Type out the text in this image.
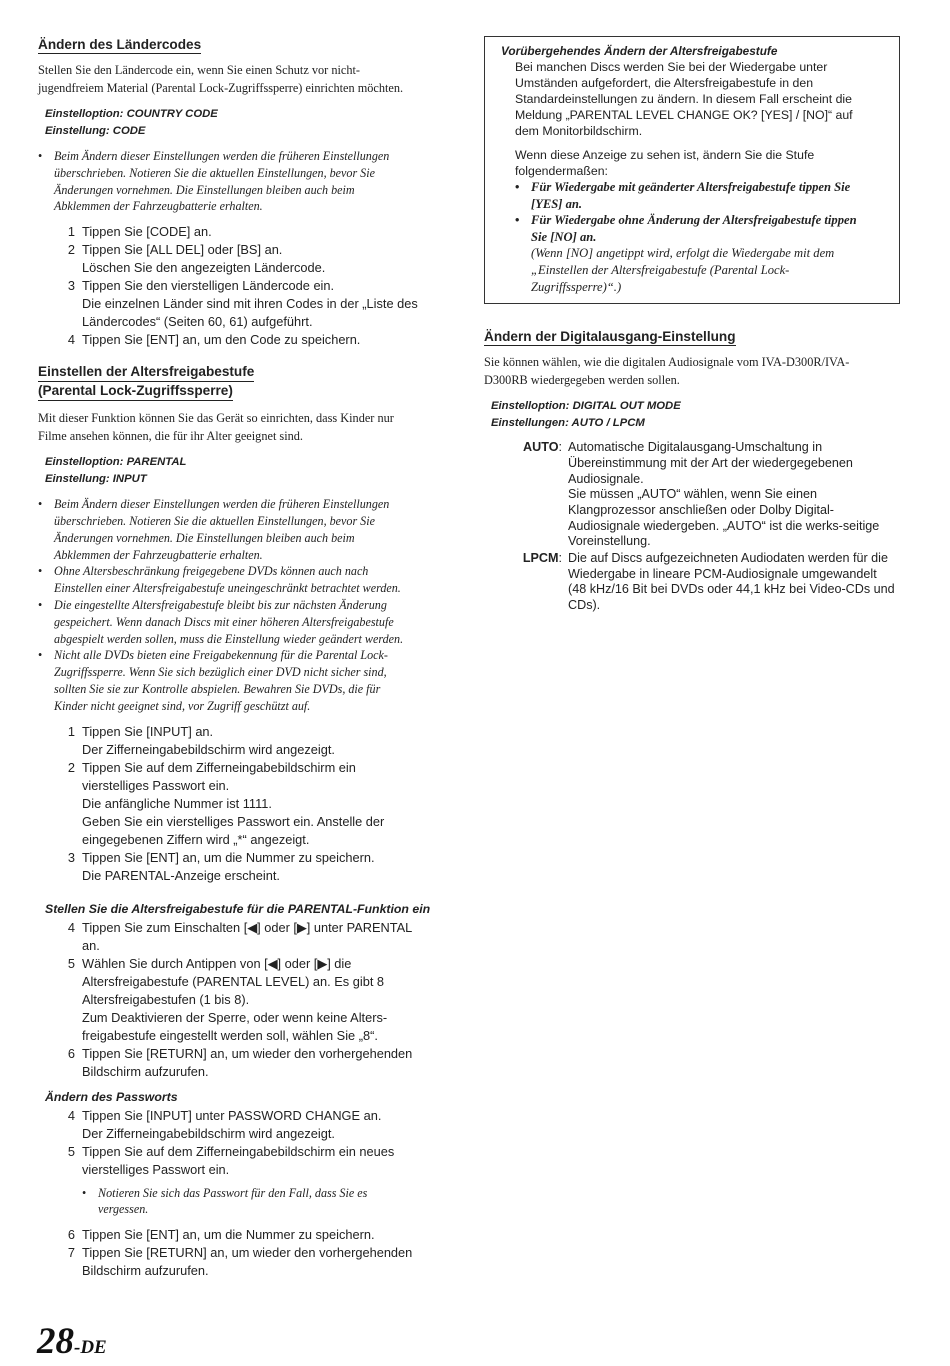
Ändern des Ländercodes
Stellen Sie den Ländercode ein, wenn Sie einen Schutz vor nicht-
jugendfreiem Material (Parental Lock-Zugriffssperre) einrichten möchten.
Einstelloption: COUNTRY CODE
Einstellung: CODE
• Beim Ändern dieser Einstellungen werden die früheren Einstellungen
überschrieben. Notieren Sie die aktuellen Einstellungen, bevor Sie
Änderungen vornehmen. Die Einstellungen bleiben auch beim
Abklemmen der Fahrzeugbatterie erhalten.
1 Tippen Sie [CODE] an.
2 Tippen Sie [ALL DEL] oder [BS] an.
Löschen Sie den angezeigten Ländercode.
3 Tippen Sie den vierstelligen Ländercode ein.
Die einzelnen Länder sind mit ihren Codes in der „Liste des
Ländercodes“ (Seiten 60, 61) aufgeführt.
4 Tippen Sie [ENT] an, um den Code zu speichern.
Einstellen der Altersfreigabestufe
(Parental Lock-Zugriffssperre)
Mit dieser Funktion können Sie das Gerät so einrichten, dass Kinder nur
Filme ansehen können, die für ihr Alter geeignet sind.
Einstelloption: PARENTAL
Einstellung: INPUT
• Beim Ändern dieser Einstellungen werden die früheren Einstellungen
überschrieben. Notieren Sie die aktuellen Einstellungen, bevor Sie
Änderungen vornehmen. Die Einstellungen bleiben auch beim
Abklemmen der Fahrzeugbatterie erhalten.
• Ohne Altersbeschränkung freigegebene DVDs können auch nach
Einstellen einer Altersfreigabestufe uneingeschränkt betrachtet werden.
• Die eingestellte Altersfreigabestufe bleibt bis zur nächsten Änderung
gespeichert. Wenn danach Discs mit einer höheren Altersfreigabestufe
abgespielt werden sollen, muss die Einstellung wieder geändert werden.
• Nicht alle DVDs bieten eine Freigabekennung für die Parental Lock-
Zugriffssperre. Wenn Sie sich bezüglich einer DVD nicht sicher sind,
sollten Sie sie zur Kontrolle abspielen. Bewahren Sie DVDs, die für
Kinder nicht geeignet sind, vor Zugriff geschützt auf.
1 Tippen Sie [INPUT] an.
Der Zifferneingabebildschirm wird angezeigt.
2 Tippen Sie auf dem Zifferneingabebildschirm ein
vierstelliges Passwort ein.
Die anfängliche Nummer ist 1111.
Geben Sie ein vierstelliges Passwort ein. Anstelle der
eingegebenen Ziffern wird „*“ angezeigt.
3 Tippen Sie [ENT] an, um die Nummer zu speichern.
Die PARENTAL-Anzeige erscheint.
Stellen Sie die Altersfreigabestufe für die PARENTAL-Funktion ein
4 Tippen Sie zum Einschalten [◀] oder [▶] unter PARENTAL
an.
5 Wählen Sie durch Antippen von [◀] oder [▶] die
Altersfreigabestufe (PARENTAL LEVEL) an. Es gibt 8
Altersfreigabestufen (1 bis 8).
Zum Deaktivieren der Sperre, oder wenn keine Alters-
freigabestufe eingestellt werden soll, wählen Sie „8“.
6 Tippen Sie [RETURN] an, um wieder den vorhergehenden
Bildschirm aufzurufen.
Ändern des Passworts
4 Tippen Sie [INPUT] unter PASSWORD CHANGE an.
Der Zifferneingabebildschirm wird angezeigt.
5 Tippen Sie auf dem Zifferneingabebildschirm ein neues
vierstelliges Passwort ein.
• Notieren Sie sich das Passwort für den Fall, dass Sie es
vergessen.
6 Tippen Sie [ENT] an, um die Nummer zu speichern.
7 Tippen Sie [RETURN] an, um wieder den vorhergehenden
Bildschirm aufzurufen.
Vorübergehendes Ändern der Altersfreigabestufe
Bei manchen Discs werden Sie bei der Wiedergabe unter
Umständen aufgefordert, die Altersfreigabestufe in den
Standardeinstellungen zu ändern. In diesem Fall erscheint die
Meldung „PARENTAL LEVEL CHANGE OK? [YES] / [NO]“ auf
dem Monitorbildschirm.
Wenn diese Anzeige zu sehen ist, ändern Sie die Stufe
folgendermaßen:
• Für Wiedergabe mit geänderter Altersfreigabestufe tippen Sie
[YES] an.
• Für Wiedergabe ohne Änderung der Altersfreigabestufe tippen
Sie [NO] an.
(Wenn [NO] angetippt wird, erfolgt die Wiedergabe mit dem
„Einstellen der Altersfreigabestufe (Parental Lock-
Zugriffssperre)“.)
Ändern der Digitalausgang-Einstellung
Sie können wählen, wie die digitalen Audiosignale vom IVA-D300R/IVA-
D300RB wiedergegeben werden sollen.
Einstelloption: DIGITAL OUT MODE
Einstellungen: AUTO / LPCM
AUTO: Automatische Digitalausgang-Umschaltung in
Übereinstimmung mit der Art der wiedergegebenen
Audiosignale.
Sie müssen „AUTO“ wählen, wenn Sie einen
Klangprozessor anschließen oder Dolby Digital-
Audiosignale wiedergeben. „AUTO“ ist die werks-seitige
Voreinstellung.
LPCM: Die auf Discs aufgezeichneten Audiodaten werden für die
Wiedergabe in lineare PCM-Audiosignale umgewandelt
(48 kHz/16 Bit bei DVDs oder 44,1 kHz bei Video-CDs und
CDs).
28-DE
